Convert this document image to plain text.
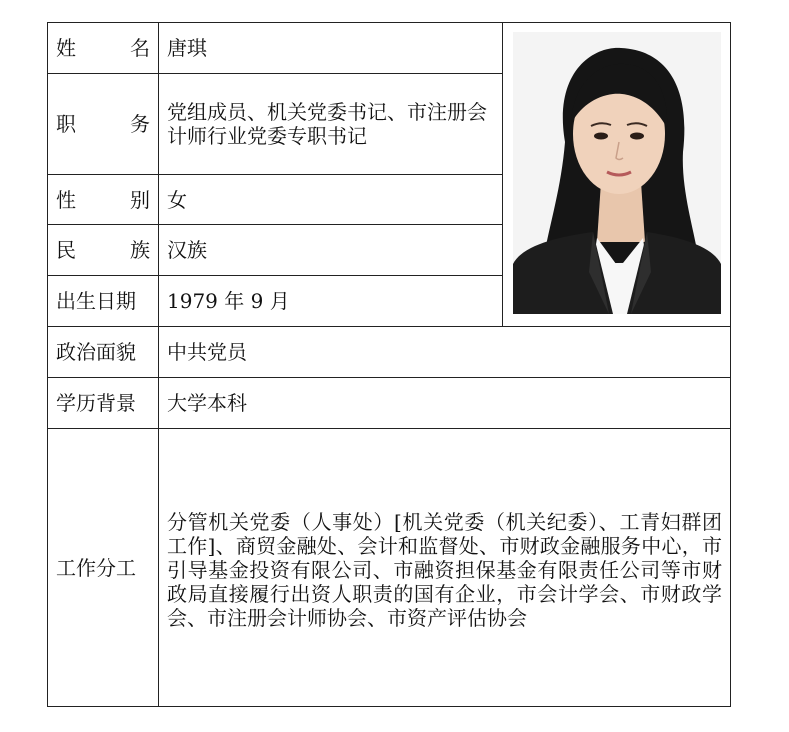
姓名	唐琪	

职务	党组成员、机关党委书记、市注册会计师行业党委专职书记	
性别	女	
民族	汉族	
出生日期	1979 年 9 月	
政治面貌	中共党员	
学历背景	大学本科	
工作分工	分管机关党委（人事处）[机关党委（机关纪委）、工青妇群团工作]、商贸金融处、会计和监督处、市财政金融服务中心，市引导基金投资有限公司、市融资担保基金有限责任公司等市财政局直接履行出资人职责的国有企业，市会计学会、市财政学会、市注册会计师协会、市资产评估协会	
